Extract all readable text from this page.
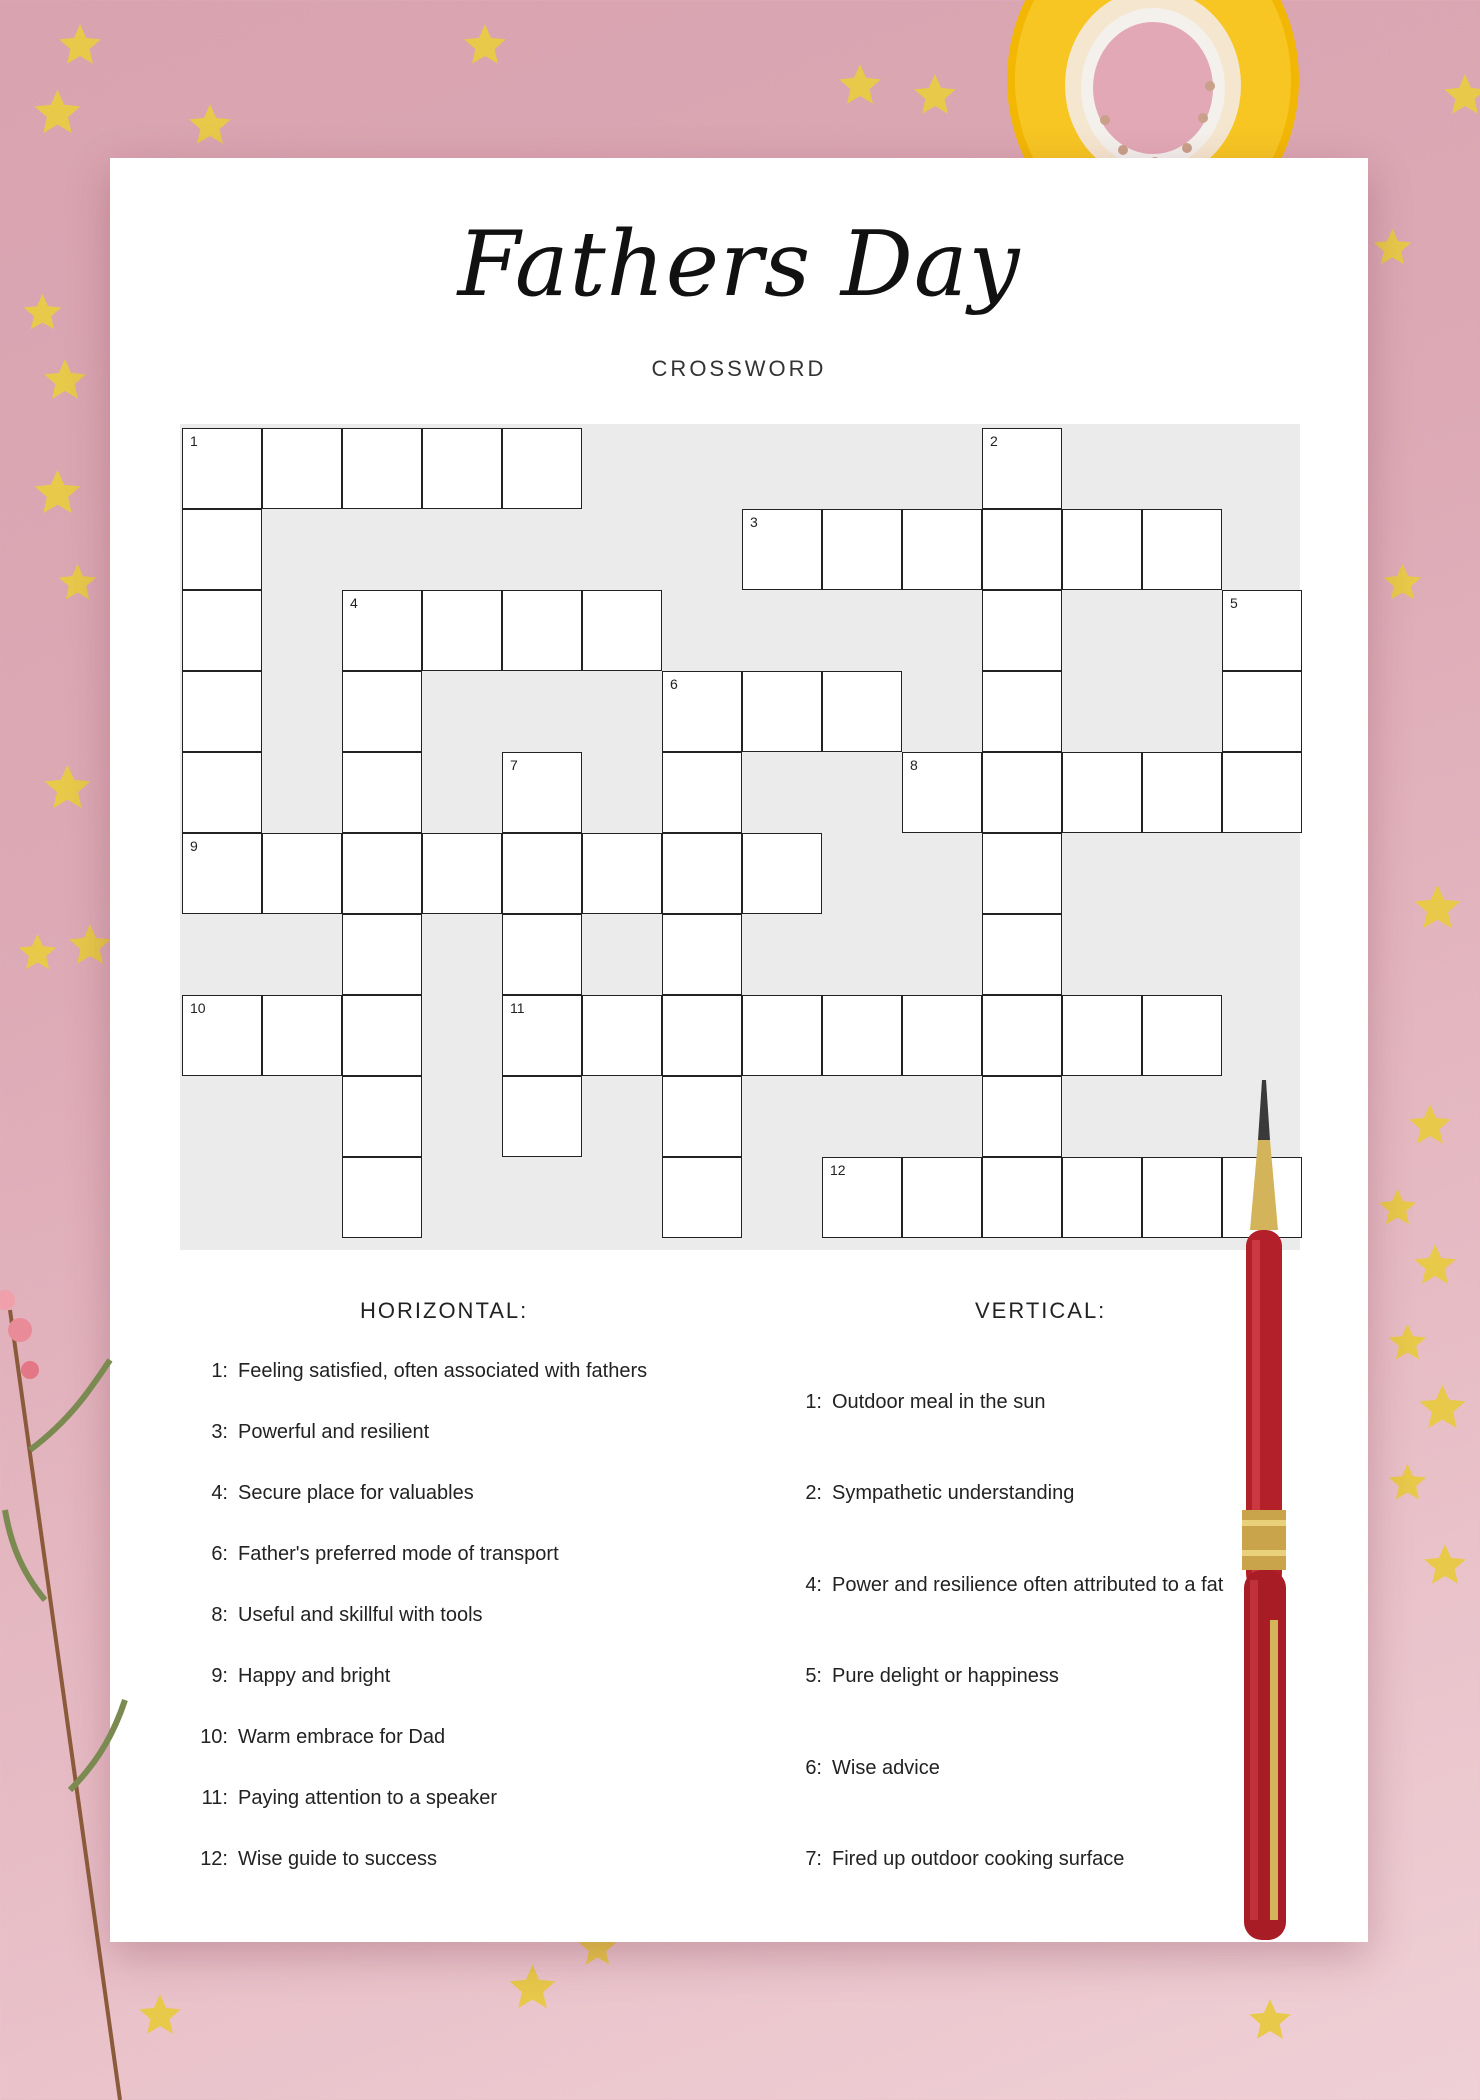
Fathers Day
CROSSWORD
1	2
3
4	5
6
7
11
8
9
10
12
HORIZONTAL:	VERTICAL:
1: Feeling satisfied, often associated with fathers
3: Powerful and resilient
4: Secure place for valuables
6: Father's preferred mode of transport
8: Useful and skillful with tools
9: Happy and bright
10: Warm embrace for Dad
11: Paying attention to a speaker
12: Wise guide to success
1: Outdoor meal in the sun
2: Sympathetic understanding
4: Power and resilience often attributed to a fat
5: Pure delight or happiness
6: Wise advice
7: Fired up outdoor cooking surface
